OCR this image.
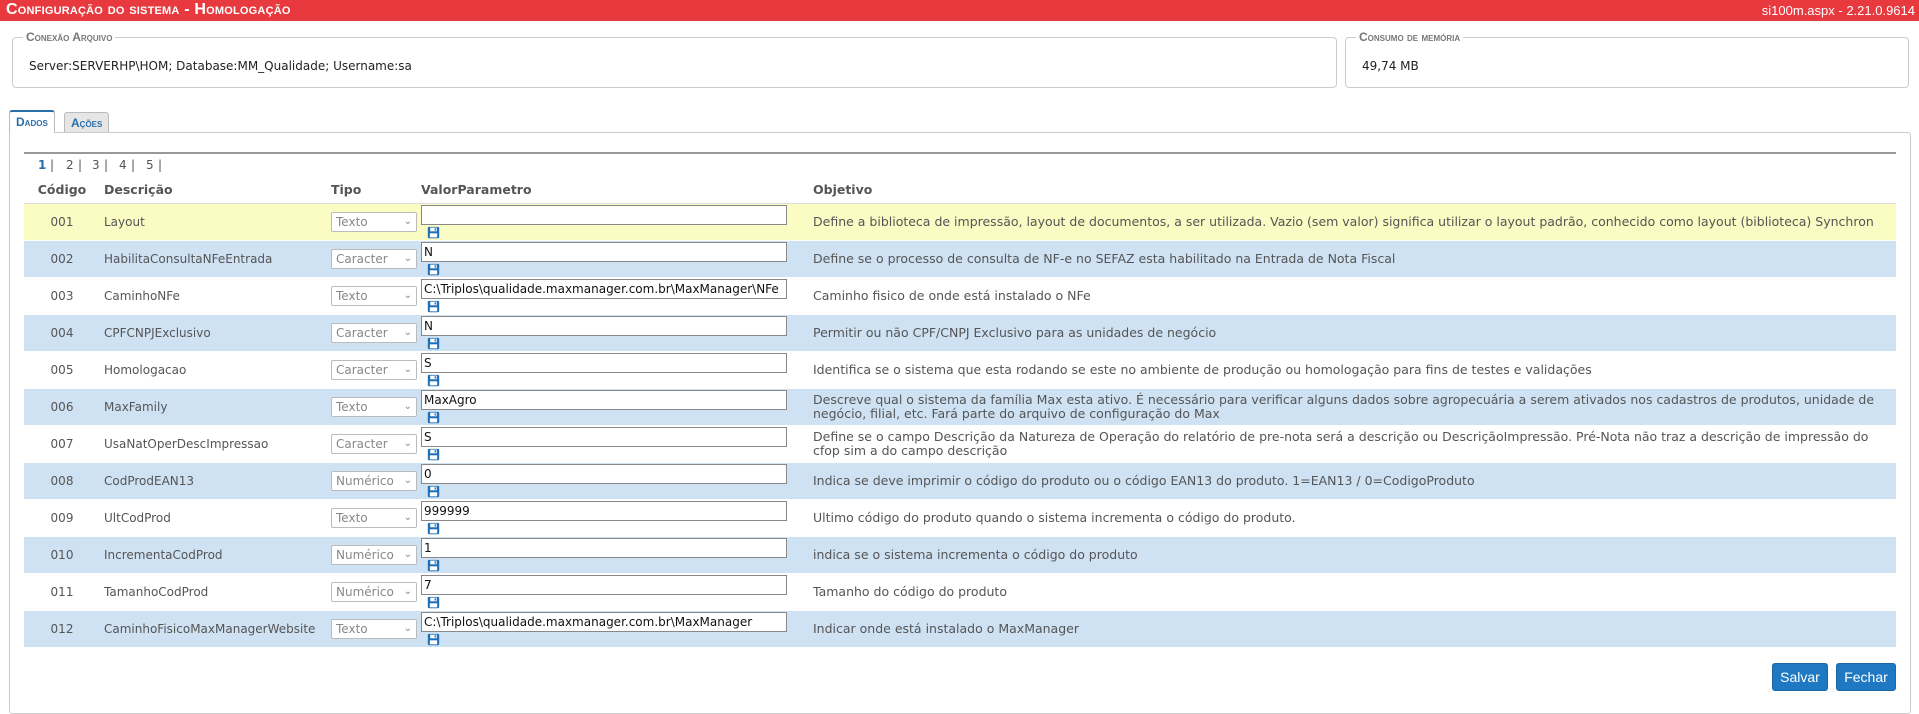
Configuração do sistema - Homologação	si100m.aspx - 2.21.0.9614
Conexão Arquivo
Server:SERVERHP\HOM; Database:MM_Qualidade; Username:sa
Consumo de memória
49,74 MB
Dados	Ações
1 | 2 | 3 | 4 | 5 |
Código	Descrição	Tipo	ValorParametro	Objetivo
001	Layout	Texto ⌄		Define a biblioteca de impressão, layout de documentos, a ser utilizada. Vazio (sem valor) significa utilizar o layout padrão, conhecido como layout (biblioteca) Synchron

002	HabilitaConsultaNFeEntrada	Caracter ⌄	N	Define se o processo de consulta de NF-e no SEFAZ esta habilitado na Entrada de Nota Fiscal

003	CaminhoNFe	Texto ⌄	C:\Triplos\qualidade.maxmanager.com.br\MaxManager\NFe	Caminho fisico de onde está instalado o NFe

004	CPFCNPJExclusivo	Caracter ⌄	N	Permitir ou não CPF/CNPJ Exclusivo para as unidades de negócio

005	Homologacao	Caracter ⌄	S	Identifica se o sistema que esta rodando se este no ambiente de produção ou homologação para fins de testes e validações

006	MaxFamily	Texto ⌄	MaxAgro	Descreve qual o sistema da família Max esta ativo. É necessário para verificar alguns dados sobre agropecuária a serem ativados nos cadastros de produtos, unidade de negócio, filial, etc. Fará parte do arquivo de configuração do Max

007	UsaNatOperDescImpressao	Caracter ⌄	S	Define se o campo Descrição da Natureza de Operação do relatório de pre-nota será a descrição ou DescriçãoImpressão. Pré-Nota não traz a descrição de impressão do cfop sim a do campo descrição

008	CodProdEAN13	Numérico ⌄	0	Indica se deve imprimir o código do produto ou o código EAN13 do produto. 1=EAN13 / 0=CodigoProduto

009	UltCodProd	Texto ⌄	999999	Ultimo código do produto quando o sistema incrementa o código do produto.

010	IncrementaCodProd	Numérico ⌄	1	indica se o sistema incrementa o código do produto

011	TamanhoCodProd	Numérico ⌄	7	Tamanho do código do produto

012	CaminhoFisicoMaxManagerWebsite	Texto ⌄	C:\Triplos\qualidade.maxmanager.com.br\MaxManager	Indicar onde está instalado o MaxManager
Salvar	Fechar
